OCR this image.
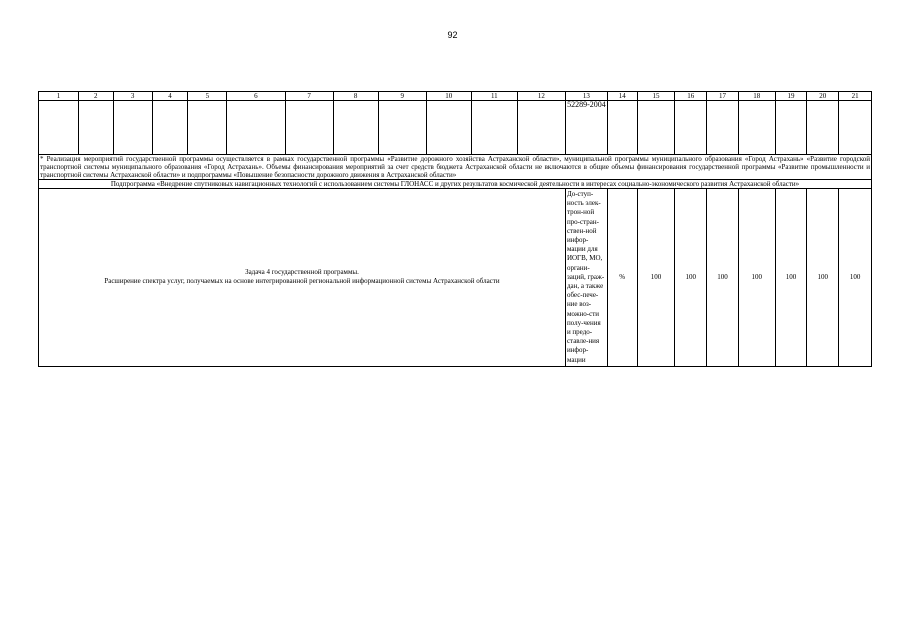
92
1	2	3	4	5	6	7	8	9	10	11	12	13	14	15	16	17	18	19	20	21
												52289-2004								
* Реализация мероприятий государственной программы осуществляется в рамках государственной программы «Развитие дорожного хозяйства Астраханской области», муниципальной программы муниципального образования «Город Астрахань» «Развитие городской транспортной системы муниципального образования «Город Астрахань». Объемы финансирования мероприятий за счет средств бюджета Астраханской области не включаются в общие объемы финансирования государственной программы «Развитие промышленности и транспортной системы Астраханской области» и подпрограммы «Повышение безопасности дорожного движения в Астраханской области»																				
Подпрограмма «Внедрение спутниковых навигационных технологий с использованием системы ГЛОНАСС и других результатов космической деятельности в интересах социально-экономического развития Астраханской области»																				

Задача 4 государственной программы.
Расширение спектра услуг, получаемых на основе интегрированной региональной информационной системы Астраханской области												До-ступ-ность элек-трон-ной про-стран-ствен-ной инфор-мации для ИОГВ, МО, органи-заций, граж-дан, а также обес-пече-ние воз-можно-сти полу-чения и предо-ставле-ния инфор-мации	%	100	100	100	100	100	100	100
